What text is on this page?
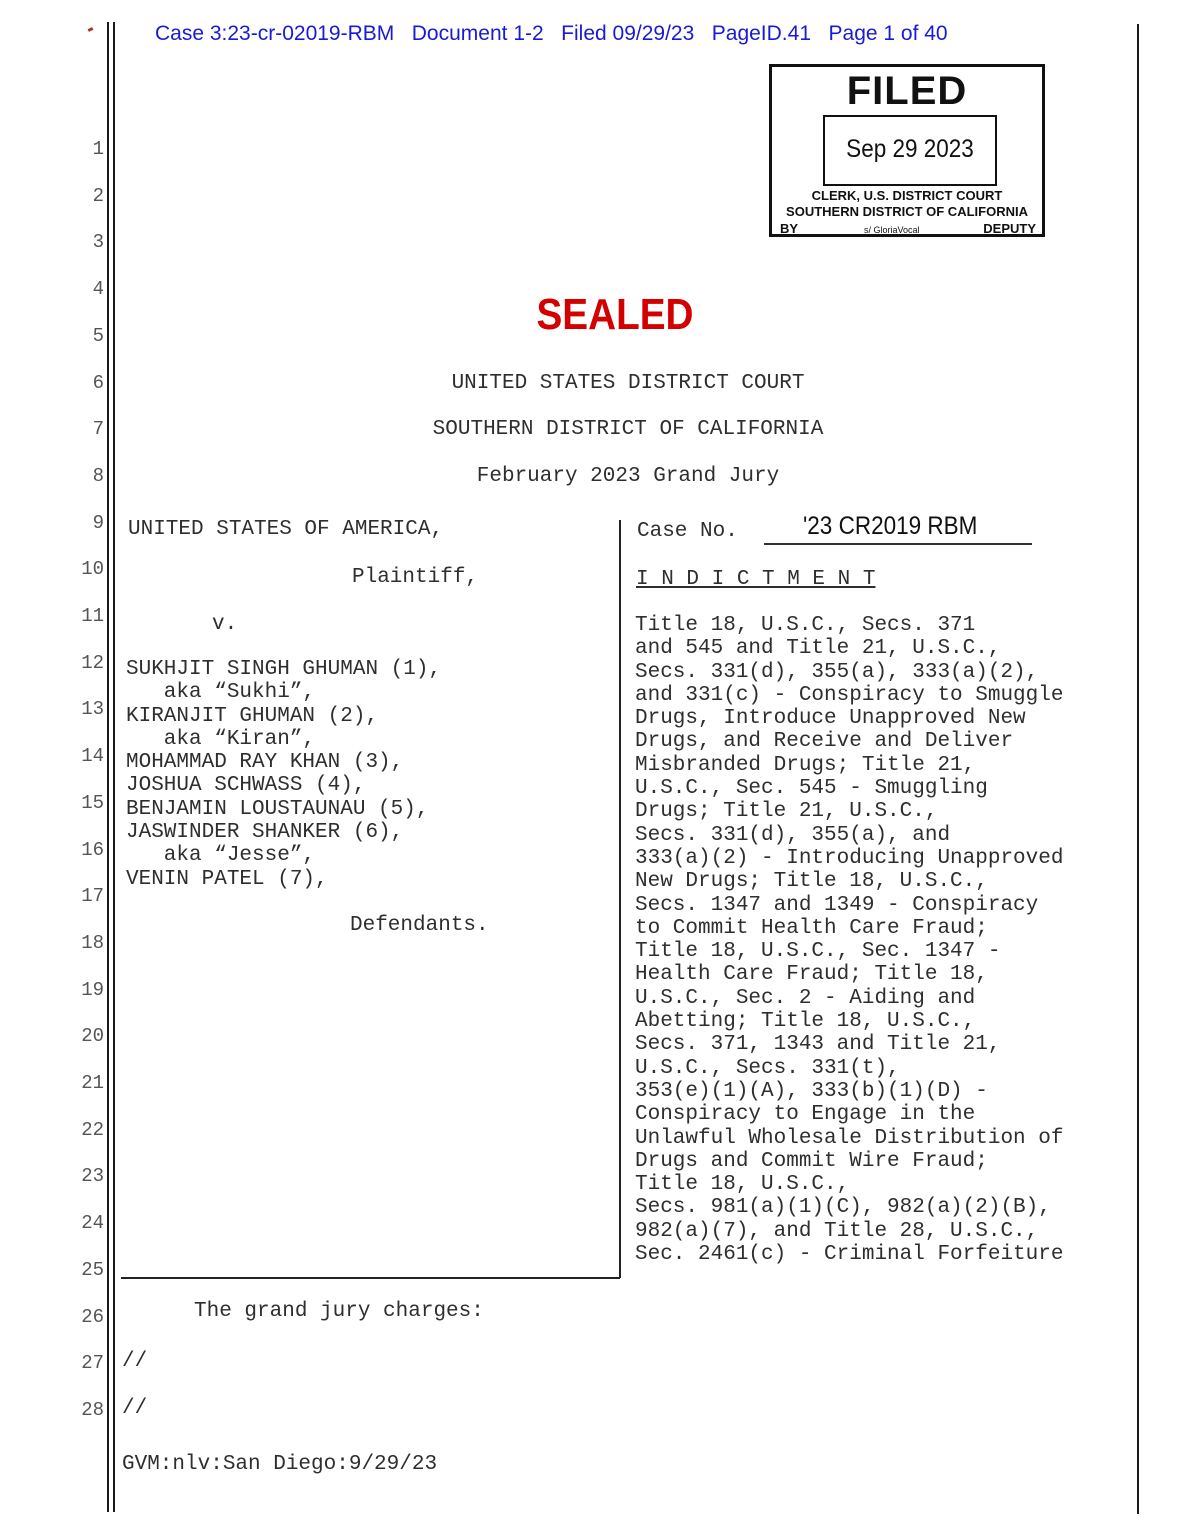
Case 3:23-cr-02019-RBM   Document 1-2   Filed 09/29/23   PageID.41   Page 1 of 40
1
2
3
4
5
6
7
8
9
10
11
12
13
14
15
16
17
18
19
20
21
22
23
24
25
26
27
28
FILED
Sep 29 2023
CLERK, U.S. DISTRICT COURT
SOUTHERN DISTRICT OF CALIFORNIA
BY	s/ GloriaVocal	DEPUTY
SEALED
UNITED STATES DISTRICT COURT
SOUTHERN DISTRICT OF CALIFORNIA
February 2023 Grand Jury
UNITED STATES OF AMERICA,
Plaintiff,
v.
SUKHJIT SINGH GHUMAN (1),
aka “Sukhi”,
KIRANJIT GHUMAN (2),
aka “Kiran”,
MOHAMMAD RAY KHAN (3),
JOSHUA SCHWASS (4),
BENJAMIN LOUSTAUNAU (5),
JASWINDER SHANKER (6),
aka “Jesse”,
VENIN PATEL (7),
Defendants.
Case No.	'23 CR2019 RBM
I N D I C T M E N T
Title 18, U.S.C., Secs. 371
and 545 and Title 21, U.S.C.,
Secs. 331(d), 355(a), 333(a)(2),
and 331(c) - Conspiracy to Smuggle
Drugs, Introduce Unapproved New
Drugs, and Receive and Deliver
Misbranded Drugs; Title 21,
U.S.C., Sec. 545 - Smuggling
Drugs; Title 21, U.S.C.,
Secs. 331(d), 355(a), and
333(a)(2) - Introducing Unapproved
New Drugs; Title 18, U.S.C.,
Secs. 1347 and 1349 - Conspiracy
to Commit Health Care Fraud;
Title 18, U.S.C., Sec. 1347 -
Health Care Fraud; Title 18,
U.S.C., Sec. 2 - Aiding and
Abetting; Title 18, U.S.C.,
Secs. 371, 1343 and Title 21,
U.S.C., Secs. 331(t),
353(e)(1)(A), 333(b)(1)(D) -
Conspiracy to Engage in the
Unlawful Wholesale Distribution of
Drugs and Commit Wire Fraud;
Title 18, U.S.C.,
Secs. 981(a)(1)(C), 982(a)(2)(B),
982(a)(7), and Title 28, U.S.C.,
Sec. 2461(c) - Criminal Forfeiture
The grand jury charges:
//
//
GVM:nlv:San Diego:9/29/23
